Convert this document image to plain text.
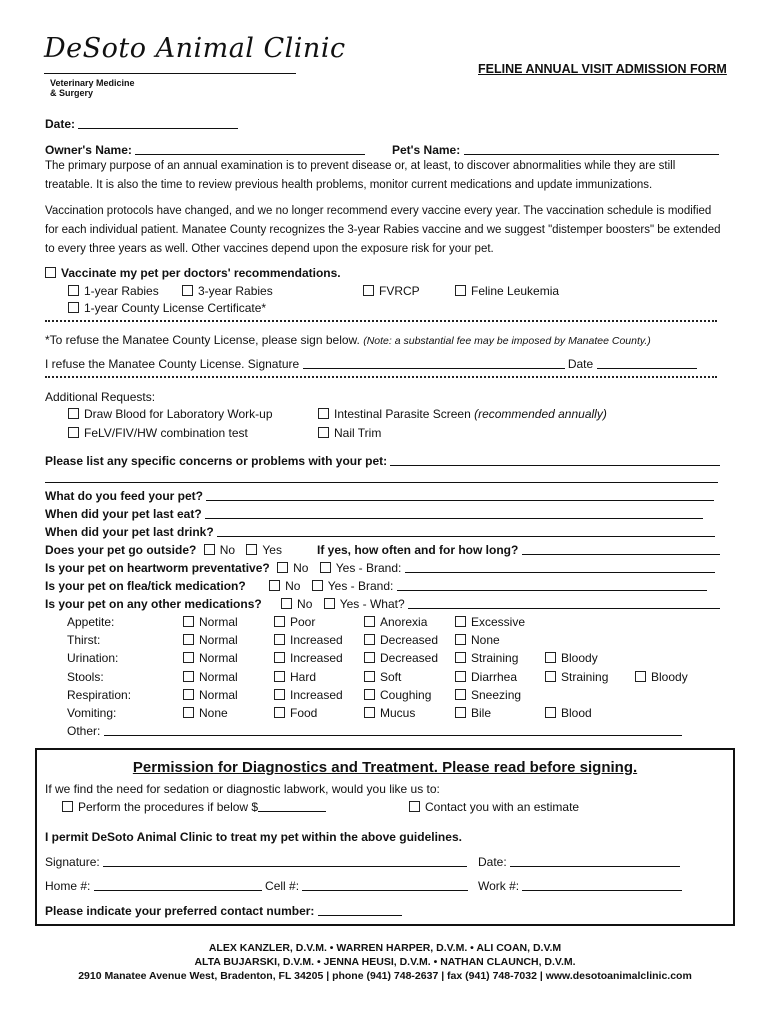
DeSoto Animal Clinic
Veterinary Medicine
& Surgery
FELINE ANNUAL VISIT ADMISSION FORM
Date:
Owner's Name:	Pet's Name:
The primary purpose of an annual examination is to prevent disease or, at least, to discover abnormalities while they are still treatable. It is also the time to review previous health problems, monitor current medications and update immunizations.
Vaccination protocols have changed, and we no longer recommend every vaccine every year. The vaccination schedule is modified for each individual patient. Manatee County recognizes the 3-year Rabies vaccine and we suggest "distemper boosters" be extended to every three years as well. Other vaccines depend upon the exposure risk for your pet.
Vaccinate my pet per doctors' recommendations.
1-year Rabies	3-year Rabies	FVRCP	Feline Leukemia
1-year County License Certificate*
*To refuse the Manatee County License, please sign below. (Note: a substantial fee may be imposed by Manatee County.)
I refuse the Manatee County License. Signature	Date
Additional Requests:
Draw Blood for Laboratory Work-up	Intestinal Parasite Screen (recommended annually)
FeLV/FIV/HW combination test	Nail Trim
Please list any specific concerns or problems with your pet:
What do you feed your pet?
When did your pet last eat?
When did your pet last drink?
Does your pet go outside? No Yes	If yes, how often and for how long?
Is your pet on heartworm preventative? No Yes - Brand:
Is your pet on flea/tick medication?	No Yes - Brand:
Is your pet on any other medications?	No Yes - What?
Appetite:	Normal	Poor	Anorexia	Excessive
Thirst:	Normal	Increased	Decreased	None
Urination:	Normal	Increased	Decreased	Straining	Bloody
Stools:	Normal	Hard	Soft	Diarrhea	Straining	Bloody
Respiration:	Normal	Increased	Coughing	Sneezing
Vomiting:	None	Food	Mucus	Bile	Blood
Other:
Permission for Diagnostics and Treatment. Please read before signing.
If we find the need for sedation or diagnostic labwork, would you like us to:
Perform the procedures if below $	Contact you with an estimate
I permit DeSoto Animal Clinic to treat my pet within the above guidelines.
Signature:	Date:
Home #:	Cell #:	Work #:
Please indicate your preferred contact number:
ALEX KANZLER, D.V.M. • WARREN HARPER, D.V.M. • ALI COAN, D.V.M
ALTA BUJARSKI, D.V.M. • JENNA HEUSI, D.V.M. • NATHAN CLAUNCH, D.V.M.
2910 Manatee Avenue West, Bradenton, FL 34205 | phone (941) 748-2637 | fax (941) 748-7032 | www.desotoanimalclinic.com
